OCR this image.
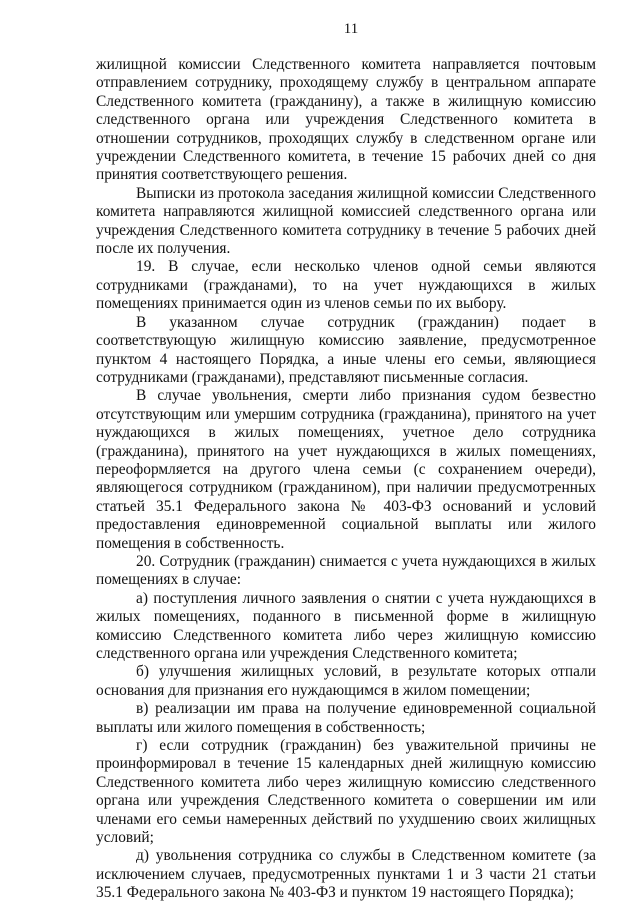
11

жилищной комиссии Следственного комитета направляется почтовым отправлением сотруднику, проходящему службу в центральном аппарате Следственного комитета (гражданину), а также в жилищную комиссию следственного органа или учреждения Следственного комитета в отношении сотрудников, проходящих службу в следственном органе или учреждении Следственного комитета, в течение 15 рабочих дней со дня принятия соответствующего решения.

Выписки из протокола заседания жилищной комиссии Следственного комитета направляются жилищной комиссией следственного органа или учреждения Следственного комитета сотруднику в течение 5 рабочих дней после их получения.

19. В случае, если несколько членов одной семьи являются сотрудниками (гражданами), то на учет нуждающихся в жилых помещениях принимается один из членов семьи по их выбору.

В указанном случае сотрудник (гражданин) подает в соответствующую жилищную комиссию заявление, предусмотренное пунктом 4 настоящего Порядка, а иные члены его семьи, являющиеся сотрудниками (гражданами), представляют письменные согласия.

В случае увольнения, смерти либо признания судом безвестно отсутствующим или умершим сотрудника (гражданина), принятого на учет нуждающихся в жилых помещениях, учетное дело сотрудника (гражданина), принятого на учет нуждающихся в жилых помещениях, переоформляется на другого члена семьи (с сохранением очереди), являющегося сотрудником (гражданином), при наличии предусмотренных статьей 35.1 Федерального закона № 403-ФЗ оснований и условий предоставления единовременной социальной выплаты или жилого помещения в собственность.

20. Сотрудник (гражданин) снимается с учета нуждающихся в жилых помещениях в случае:

а) поступления личного заявления о снятии с учета нуждающихся в жилых помещениях, поданного в письменной форме в жилищную комиссию Следственного комитета либо через жилищную комиссию следственного органа или учреждения Следственного комитета;

б) улучшения жилищных условий, в результате которых отпали основания для признания его нуждающимся в жилом помещении;

в) реализации им права на получение единовременной социальной выплаты или жилого помещения в собственность;

г) если сотрудник (гражданин) без уважительной причины не проинформировал в течение 15 календарных дней жилищную комиссию Следственного комитета либо через жилищную комиссию следственного органа или учреждения Следственного комитета о совершении им или членами его семьи намеренных действий по ухудшению своих жилищных условий;

д) увольнения сотрудника со службы в Следственном комитете (за исключением случаев, предусмотренных пунктами 1 и 3 части 21 статьи 35.1 Федерального закона № 403-ФЗ и пунктом 19 настоящего Порядка);
